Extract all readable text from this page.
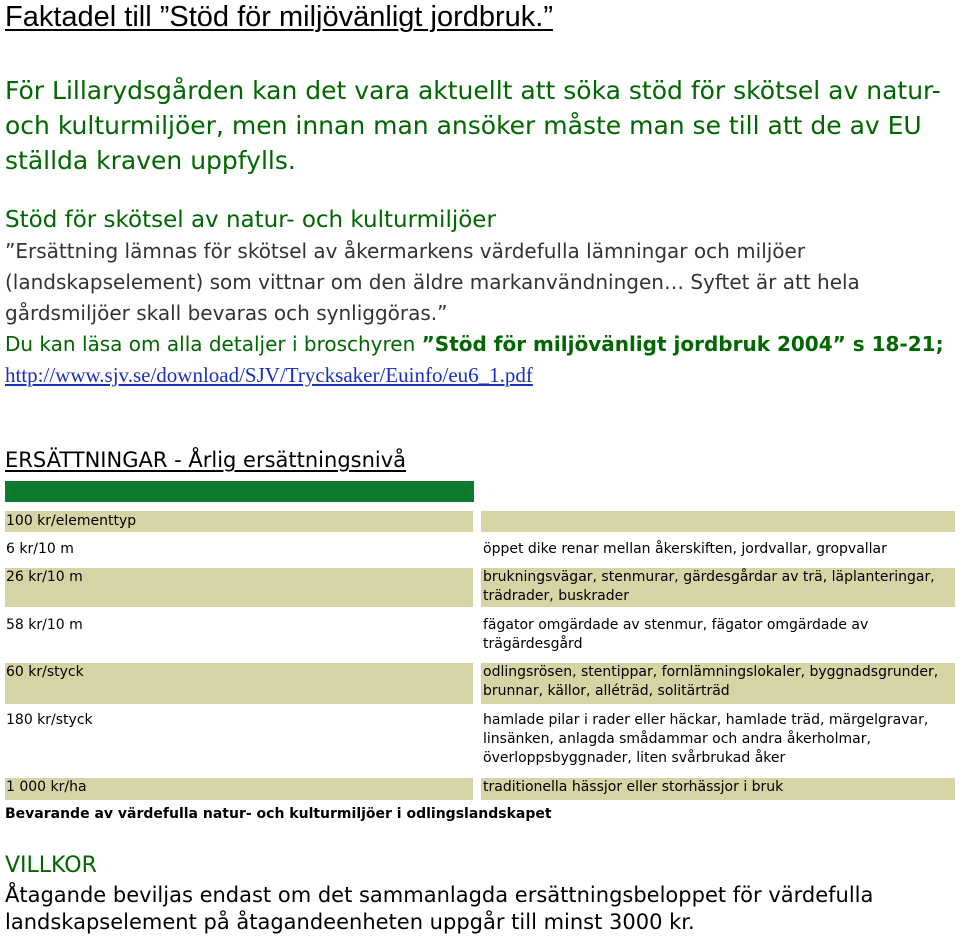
Faktadel till ”Stöd för miljövänligt jordbruk.”
För Lillarydsgården kan det vara aktuellt att söka stöd för skötsel av natur- och kulturmiljöer, men innan man ansöker måste man se till att de av EU ställda kraven uppfylls.
Stöd för skötsel av natur- och kulturmiljöer
”Ersättning lämnas för skötsel av åkermarkens värdefulla lämningar och miljöer (landskapselement) som vittnar om den äldre markanvändningen… Syftet är att hela gårdsmiljöer skall bevaras och synliggöras.”
Du kan läsa om alla detaljer i broschyren ”Stöd för miljövänligt jordbruk 2004” s 18-21; http://www.sjv.se/download/SJV/Trycksaker/Euinfo/eu6_1.pdf
ERSÄTTNINGAR - Årlig ersättningsnivå
100 kr/elementtyp
6 kr/10 m	öppet dike renar mellan åkerskiften, jordvallar, gropvallar
26 kr/10 m	brukningsvägar, stenmurar, gärdesgårdar av trä, läplanteringar, trädrader, buskrader
58 kr/10 m	fägator omgärdade av stenmur, fägator omgärdade av trägärdesgård
60 kr/styck	odlingsrösen, stentippar, fornlämningslokaler, byggnadsgrunder, brunnar, källor, alléträd, solitärträd
180 kr/styck	hamlade pilar i rader eller häckar, hamlade träd, märgelgravar, linsänken, anlagda smådammar och andra åkerholmar, överloppsbyggnader, liten svårbrukad åker
1 000 kr/ha	traditionella hässjor eller storhässjor i bruk
Bevarande av värdefulla natur- och kulturmiljöer i odlingslandskapet
VILLKOR
Åtagande beviljas endast om det sammanlagda ersättningsbeloppet för värdefulla landskapselement på åtagandeenheten uppgår till minst 3000 kr.
